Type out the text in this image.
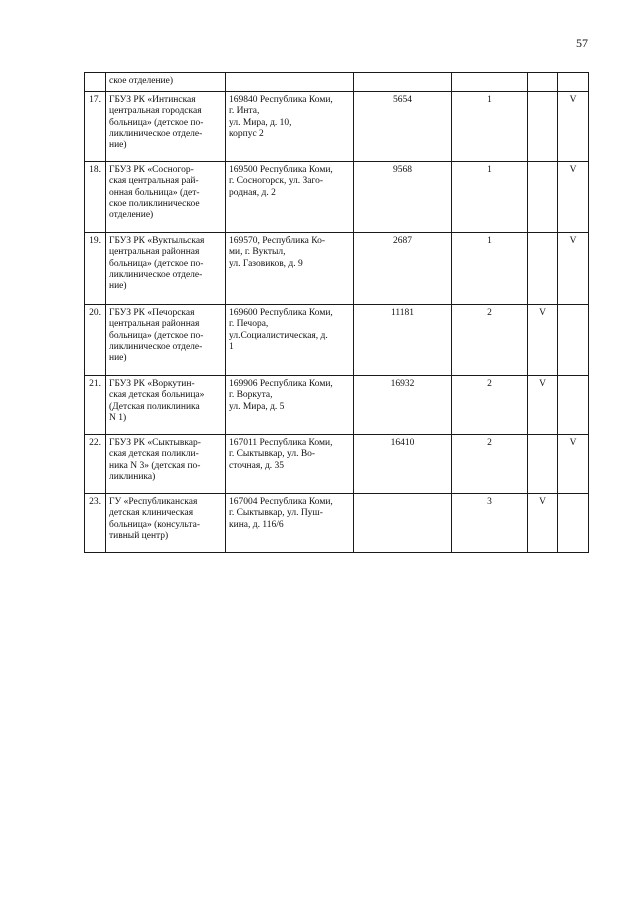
57

	ское отделение)					

17.	ГБУЗ РК «Интинская
центральная городская
больница» (детское по-
ликлиническое отделе-
ние)	169840 Республика Коми,
г. Инта,
ул. Мира, д. 10,
корпус 2	5654	1		V
18.	ГБУЗ РК «Сосногор-
ская центральная рай-
онная больница» (дет-
ское поликлиническое
отделение)	169500 Республика Коми,
г. Сосногорск, ул. Заго-
родная, д. 2	9568	1		V
19.	ГБУЗ РК «Вуктыльская
центральная районная
больница» (детское по-
ликлиническое отделе-
ние)	169570, Республика Ко-
ми, г. Вуктыл,
ул. Газовиков, д. 9	2687	1		V
20.	ГБУЗ РК «Печорская
центральная районная
больница» (детское по-
ликлиническое отделе-
ние)	169600 Республика Коми,
г. Печора,
ул.Социалистическая, д.
1	11181	2	V	
21.	ГБУЗ РК «Воркутин-
ская детская больница»
(Детская поликлиника
N 1)	169906 Республика Коми,
г. Воркута,
ул. Мира, д. 5	16932	2	V	
22.	ГБУЗ РК «Сыктывкар-
ская детская поликли-
ника N 3» (детская по-
ликлиника)	167011 Республика Коми,
г. Сыктывкар, ул. Во-
сточная, д. 35	16410	2		V
23.	ГУ «Республиканская
детская клиническая
больница» (консульта-
тивный центр)	167004 Республика Коми,
г. Сыктывкар, ул. Пуш-
кина, д. 116/6		3	V	
